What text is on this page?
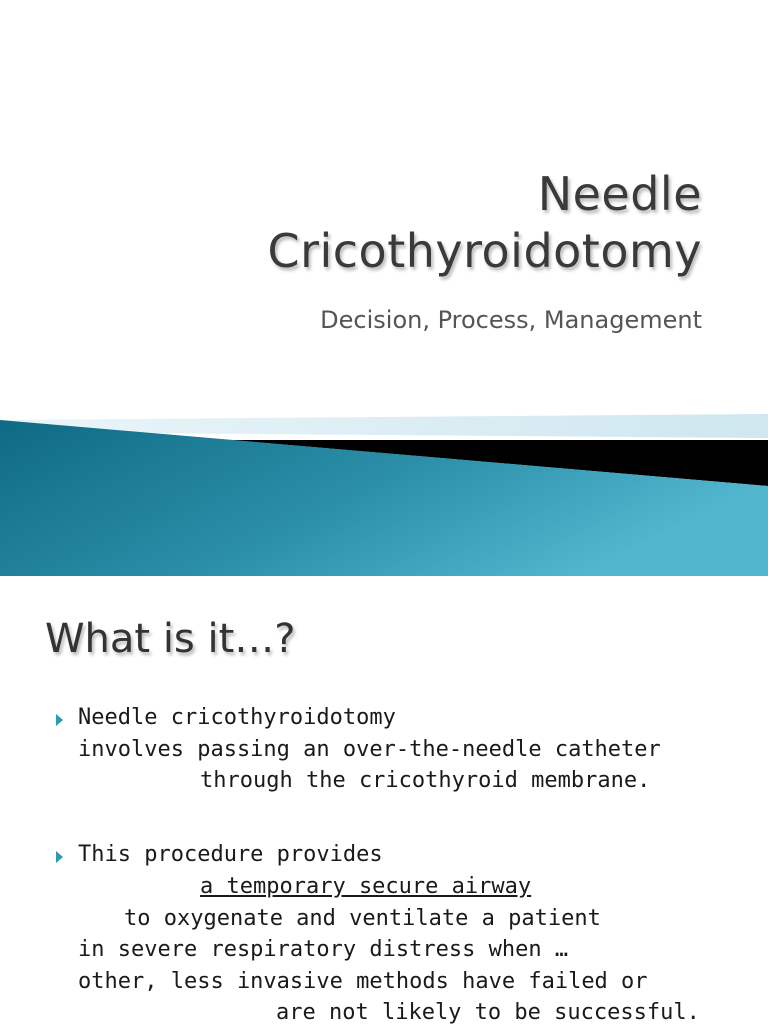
Needle
Cricothyroidotomy
Decision, Process, Management
What is it…?
Needle cricothyroidotomy
involves passing an over-the-needle catheter
through the cricothyroid membrane.
This procedure provides
a temporary secure airway
to oxygenate and ventilate a patient
in severe respiratory distress when …
other, less invasive methods have failed or
are not likely to be successful.
